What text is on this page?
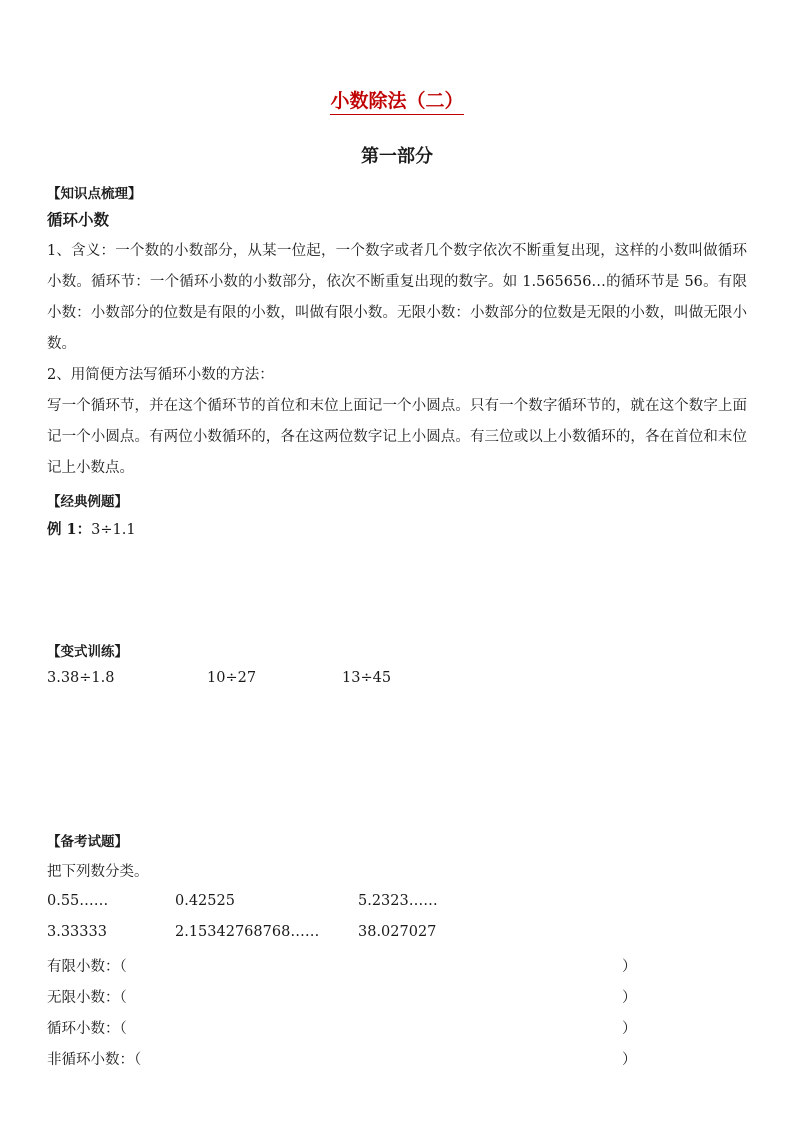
小数除法（二）
第一部分
【知识点梳理】
循环小数
1、含义：一个数的小数部分，从某一位起，一个数字或者几个数字依次不断重复出现，这样的小数叫做循环小数。循环节：一个循环小数的小数部分，依次不断重复出现的数字。如 1.565656…的循环节是 56。有限小数：小数部分的位数是有限的小数，叫做有限小数。无限小数：小数部分的位数是无限的小数，叫做无限小数。
2、用简便方法写循环小数的方法：
写一个循环节，并在这个循环节的首位和末位上面记一个小圆点。只有一个数字循环节的，就在这个数字上面记一个小圆点。有两位小数循环的，各在这两位数字记上小圆点。有三位或以上小数循环的，各在首位和末位记上小数点。
【经典例题】
例 1：3÷1.1
【变式训练】
3.38÷1.8	10÷27	13÷45
【备考试题】
把下列数分类。
0.55……	0.42525	5.2323……
3.33333	2.15342768768……	38.027027
有限小数：（	）
无限小数：（	）
循环小数：（	）
非循环小数：（	）
